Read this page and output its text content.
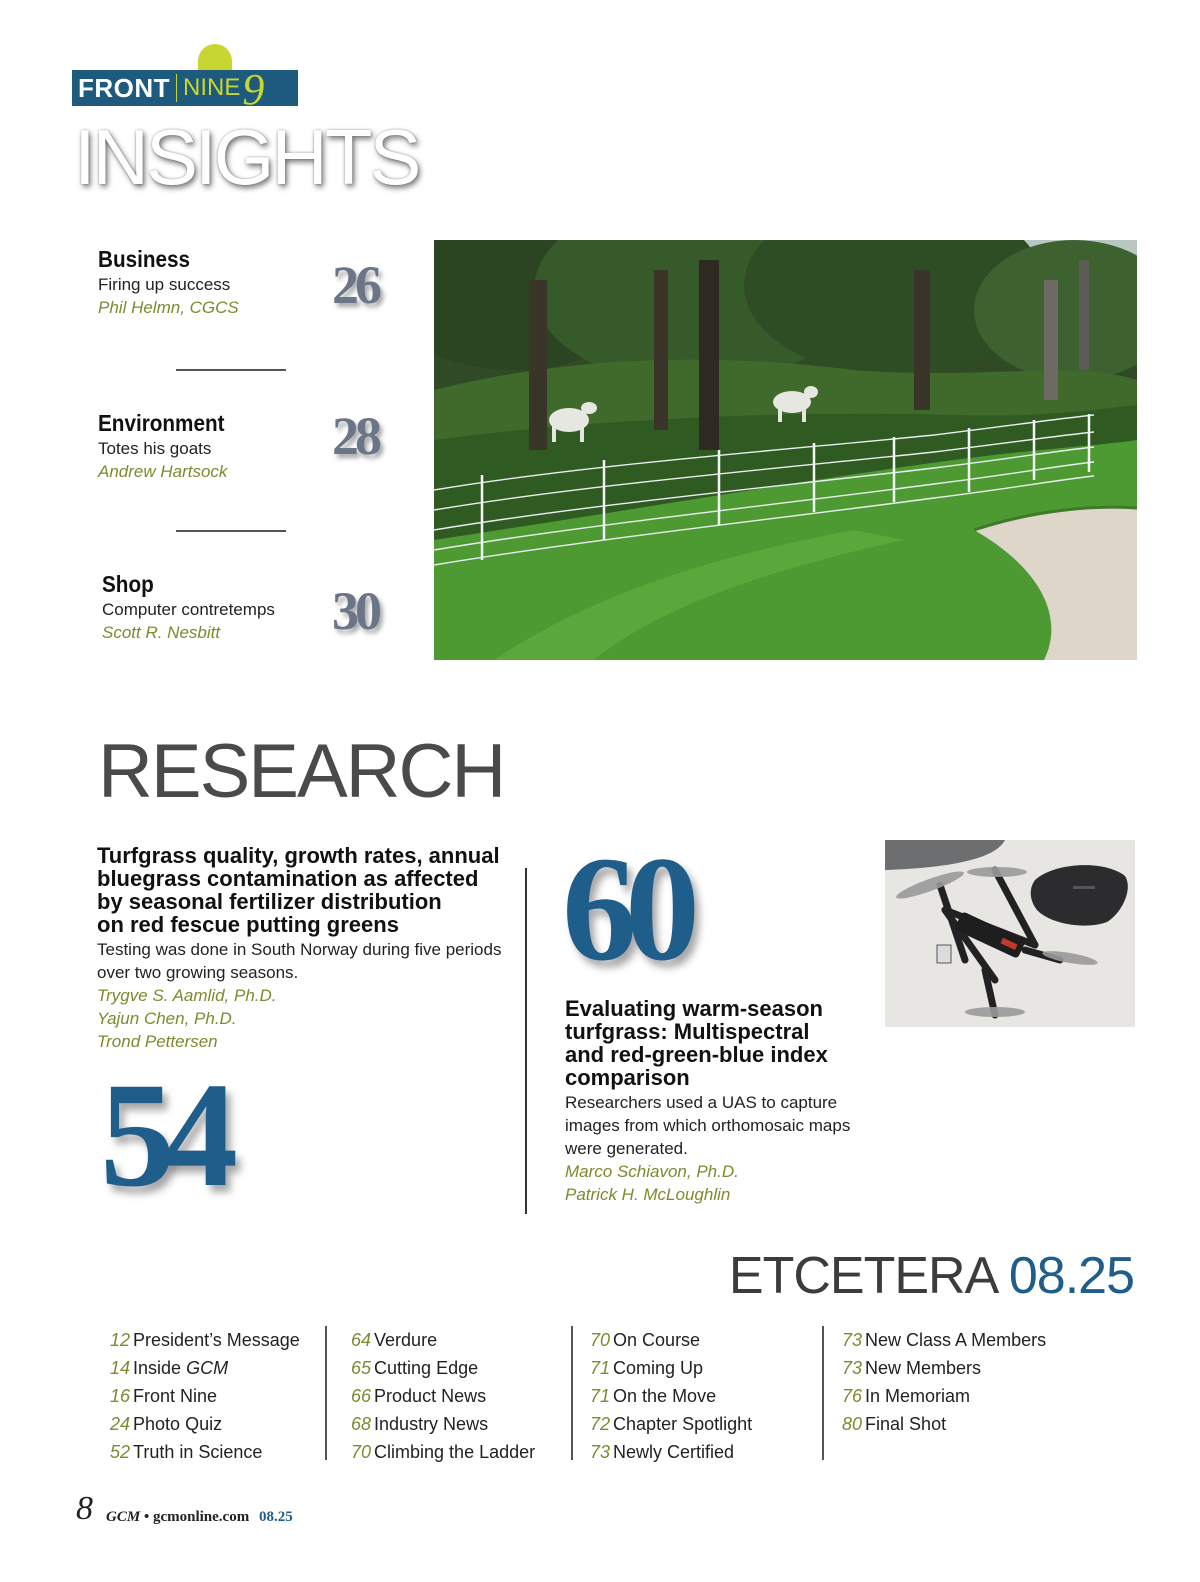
FRONT NINE 9
INSIGHTS
Business
Firing up success
Phil Helmn, CGCS	26
Environment
Totes his goats
Andrew Hartsock
28
Shop
Computer contretemps
Scott R. Nesbitt	30
RESEARCH
Turfgrass quality, growth rates, annual
bluegrass contamination as affected
by seasonal fertilizer distribution
on red fescue putting greens
Testing was done in South Norway during five periods
over two growing seasons.
Trygve S. Aamlid, Ph.D.
Yajun Chen, Ph.D.
Trond Pettersen
54
60
Evaluating warm-season
turfgrass: Multispectral
and red-green-blue index
comparison
Researchers used a UAS to capture
images from which orthomosaic maps
were generated.
Marco Schiavon, Ph.D.
Patrick H. McLoughlin
ETCETERA 08.25
12 President’s Message
14 Inside GCM
16 Front Nine
24 Photo Quiz
52 Truth in Science
64 Verdure
65 Cutting Edge
66 Product News
68 Industry News
70 Climbing the Ladder
70 On Course
71 Coming Up
71 On the Move
72 Chapter Spotlight
73 Newly Certified
73 New Class A Members
73 New Members
76 In Memoriam
80 Final Shot
8 GCM • gcmonline.com 08.25
